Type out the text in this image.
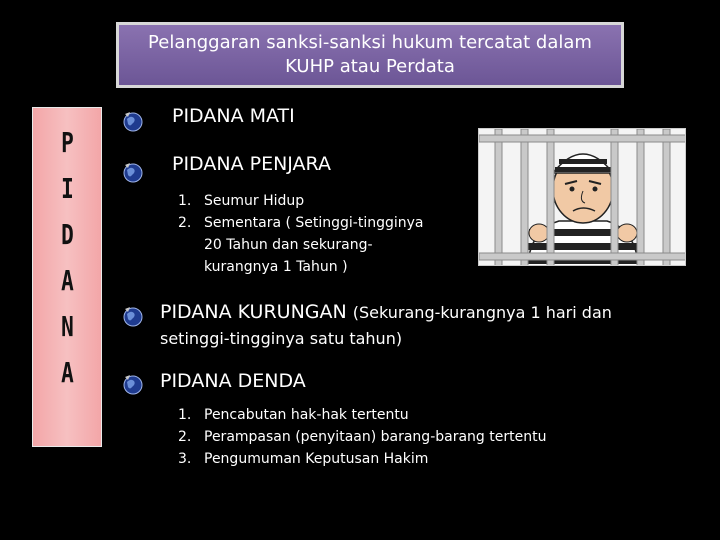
Pelanggaran sanksi-sanksi hukum tercatat dalam
KUHP atau Perdata
P
I
D
A
N
A
PIDANA MATI
PIDANA PENJARA
1. Seumur Hidup
2. Sementara ( Setinggi-tingginya
20 Tahun dan sekurang-
kurangnya 1 Tahun )
PIDANA KURUNGAN (Sekurang-kurangnya 1 hari dan
setinggi-tingginya satu tahun)
PIDANA DENDA
1. Pencabutan hak-hak tertentu
2. Perampasan (penyitaan) barang-barang tertentu
3. Pengumuman Keputusan Hakim
